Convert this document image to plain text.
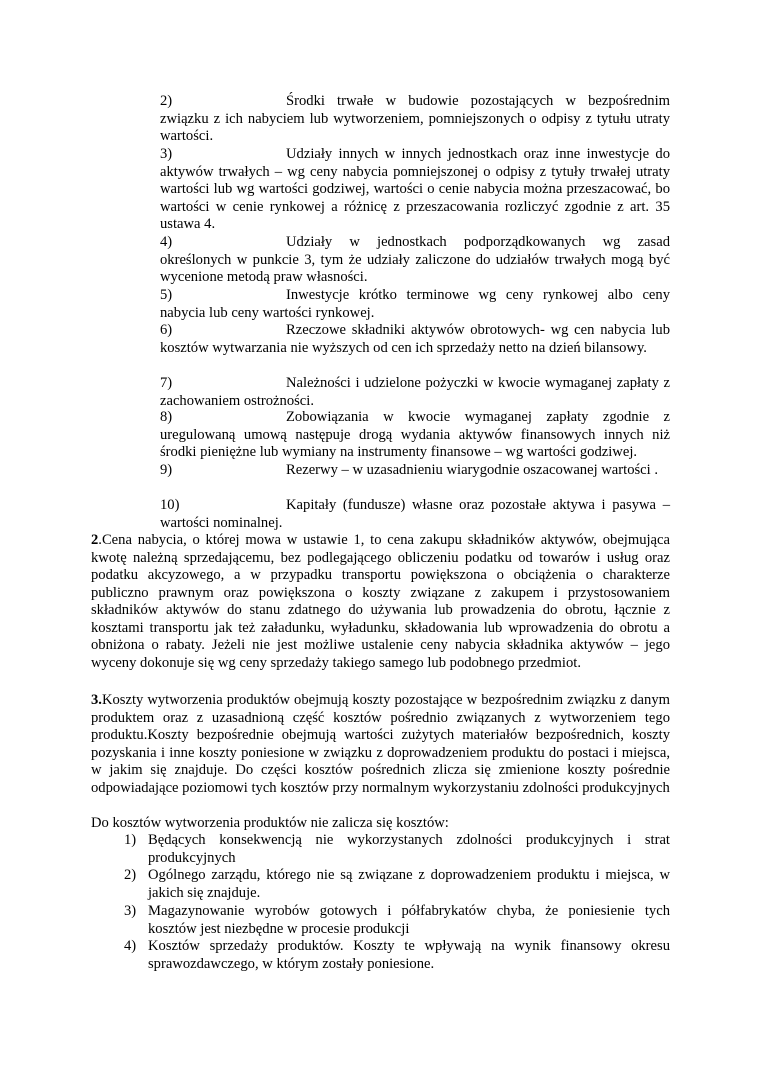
2)	Środki trwałe w budowie pozostających w bezpośrednim związku z ich nabyciem lub wytworzeniem, pomniejszonych o odpisy z tytułu utraty wartości.
3)	Udziały innych w innych jednostkach oraz inne inwestycje do aktywów trwałych – wg ceny nabycia pomniejszonej o odpisy z tytuły trwałej utraty wartości lub wg wartości godziwej, wartości o cenie nabycia można przeszacować, bo wartości w cenie rynkowej a różnicę z przeszacowania rozliczyć zgodnie z art. 35 ustawa 4.
4)	Udziały w jednostkach podporządkowanych wg zasad określonych w punkcie 3, tym że udziały zaliczone do udziałów trwałych mogą być wycenione metodą praw własności.
5)	Inwestycje krótko terminowe wg ceny rynkowej albo ceny nabycia lub ceny wartości rynkowej.
6)	Rzeczowe składniki aktywów obrotowych- wg cen nabycia lub kosztów wytwarzania nie wyższych od cen ich sprzedaży netto na dzień bilansowy.
7)	Należności i udzielone pożyczki w kwocie wymaganej zapłaty z zachowaniem ostrożności.
8)	Zobowiązania w kwocie wymaganej zapłaty zgodnie z uregulowaną umową następuje drogą wydania aktywów finansowych innych niż środki pieniężne lub wymiany na instrumenty finansowe – wg wartości godziwej.
9)	Rezerwy – w uzasadnieniu wiarygodnie oszacowanej wartości .
10)	Kapitały (fundusze) własne oraz pozostałe aktywa i pasywa – wartości nominalnej.
2.Cena nabycia, o której mowa w ustawie 1, to cena zakupu składników aktywów, obejmująca kwotę należną sprzedającemu, bez podlegającego obliczeniu podatku od towarów i usług oraz podatku akcyzowego, a w przypadku transportu powiększona o obciążenia o charakterze publiczno prawnym oraz powiększona o koszty związane z zakupem i przystosowaniem składników aktywów do stanu zdatnego do używania lub prowadzenia do obrotu, łącznie z kosztami transportu jak też załadunku, wyładunku, składowania lub wprowadzenia do obrotu a obniżona o rabaty. Jeżeli nie jest możliwe ustalenie ceny nabycia składnika aktywów – jego wyceny dokonuje się wg ceny sprzedaży takiego samego lub podobnego przedmiot.
3.Koszty wytworzenia produktów obejmują koszty pozostające w bezpośrednim związku z danym produktem oraz z uzasadnioną część kosztów pośrednio związanych z wytworzeniem tego produktu.Koszty bezpośrednie obejmują wartości zużytych materiałów bezpośrednich, koszty pozyskania i inne koszty poniesione w związku z doprowadzeniem produktu do postaci i miejsca, w jakim się znajduje. Do części kosztów pośrednich zlicza się zmienione koszty pośrednie odpowiadające poziomowi tych kosztów przy normalnym wykorzystaniu zdolności produkcyjnych
Do kosztów wytworzenia produktów nie zalicza się kosztów:
1) Będących konsekwencją nie wykorzystanych zdolności produkcyjnych i strat produkcyjnych
2) Ogólnego zarządu, którego nie są związane z doprowadzeniem produktu i miejsca, w jakich się znajduje.
3) Magazynowanie wyrobów gotowych i półfabrykatów chyba, że poniesienie tych kosztów jest niezbędne w procesie produkcji
4) Kosztów sprzedaży produktów. Koszty te wpływają na wynik finansowy okresu sprawozdawczego, w którym zostały poniesione.
